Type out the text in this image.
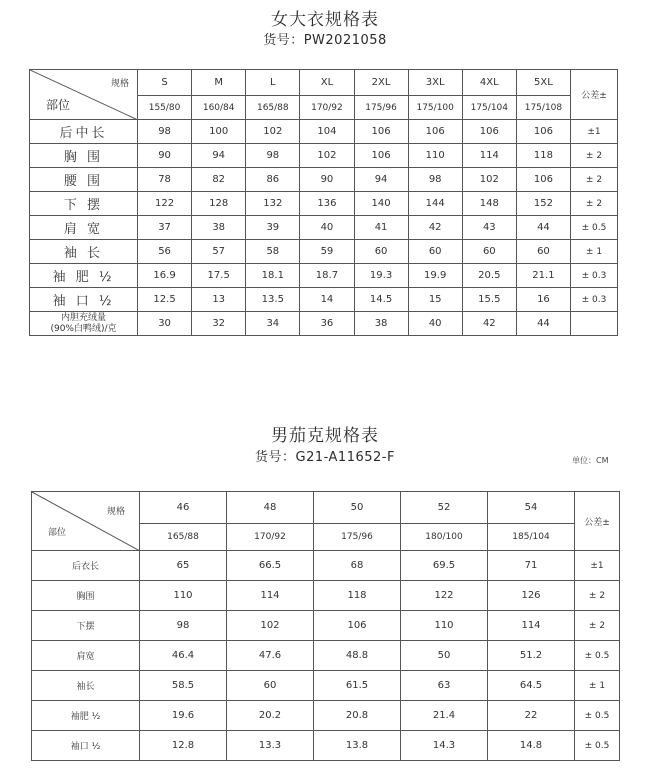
女大衣规格表
货号：PW2021058
规格
部位	S	M	L	XL	2XL	3XL	4XL	5XL	公差±
	155/80	160/84	165/88	170/92	175/96	175/100	175/104	175/108	
后中长	98	100	102	104	106	106	106	106	±1
胸 围	90	94	98	102	106	110	114	118	± 2
腰 围	78	82	86	90	94	98	102	106	± 2
下 摆	122	128	132	136	140	144	148	152	± 2
肩 宽	37	38	39	40	41	42	43	44	± 0.5
袖 长	56	57	58	59	60	60	60	60	± 1
袖 肥 ½	16.9	17.5	18.1	18.7	19.3	19.9	20.5	21.1	± 0.3
袖 口 ½	12.5	13	13.5	14	14.5	15	15.5	16	± 0.3

内胆充绒量
(90%白鸭绒)/克	30	32	34	36	38	40	42	44	
男茄克规格表
货号：G21-A11652-F	单位：CM
规格
部位	46	48	50	52	54	公差±
	165/88	170/92	175/96	180/100	185/104	
后衣长	65	66.5	68	69.5	71	±1
胸围	110	114	118	122	126	± 2
下摆	98	102	106	110	114	± 2
肩宽	46.4	47.6	48.8	50	51.2	± 0.5
袖长	58.5	60	61.5	63	64.5	± 1
袖肥 ½	19.6	20.2	20.8	21.4	22	± 0.5
袖口 ½	12.8	13.3	13.8	14.3	14.8	± 0.5
